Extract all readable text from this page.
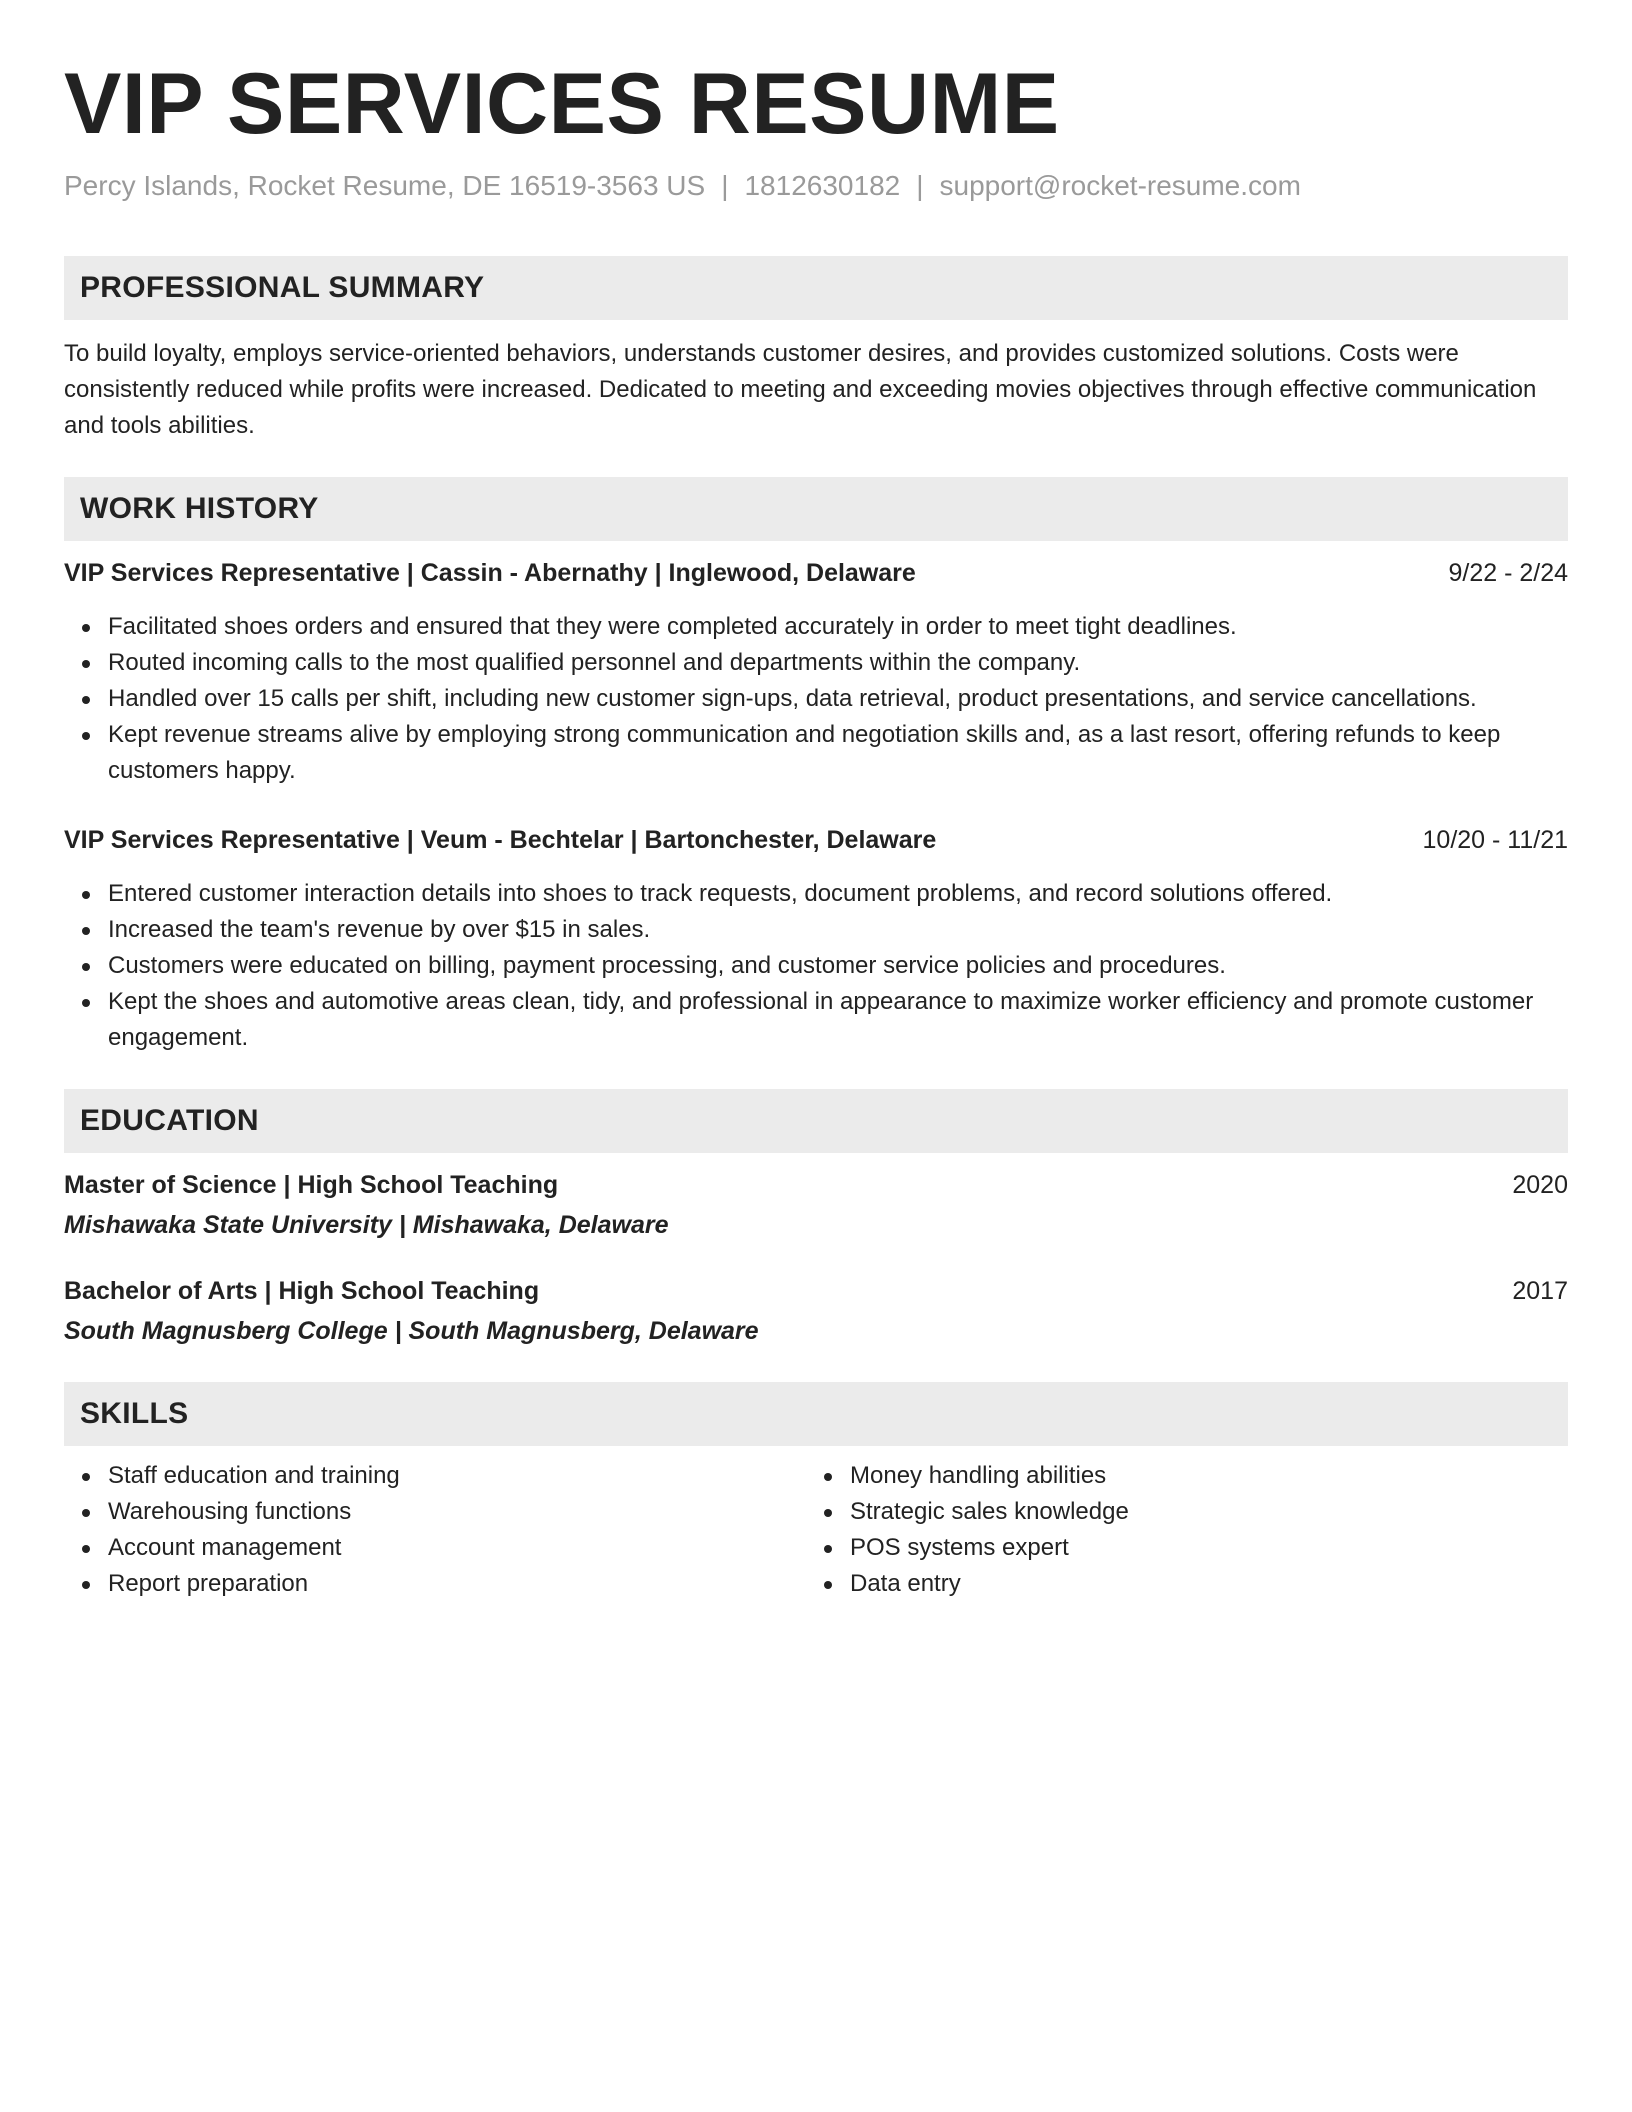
VIP SERVICES RESUME
Percy Islands, Rocket Resume, DE 16519-3563 US | 1812630182 | support@rocket-resume.com
PROFESSIONAL SUMMARY

To build loyalty, employs service-oriented behaviors, understands customer desires, and provides customized solutions. Costs were consistently reduced while profits were increased. Dedicated to meeting and exceeding movies objectives through effective communication and tools abilities.

WORK HISTORY
VIP Services Representative | Cassin - Abernathy | Inglewood, Delaware	9/22 - 2/24
Facilitated shoes orders and ensured that they were completed accurately in order to meet tight deadlines.
Routed incoming calls to the most qualified personnel and departments within the company.
Handled over 15 calls per shift, including new customer sign-ups, data retrieval, product presentations, and service cancellations.
Kept revenue streams alive by employing strong communication and negotiation skills and, as a last resort, offering refunds to keep customers happy.
VIP Services Representative | Veum - Bechtelar | Bartonchester, Delaware	10/20 - 11/21
Entered customer interaction details into shoes to track requests, document problems, and record solutions offered.
Increased the team's revenue by over $15 in sales.
Customers were educated on billing, payment processing, and customer service policies and procedures.
Kept the shoes and automotive areas clean, tidy, and professional in appearance to maximize worker efficiency and promote customer engagement.
EDUCATION
Master of Science | High School Teaching	2020
Mishawaka State University | Mishawaka, Delaware
Bachelor of Arts | High School Teaching	2017
South Magnusberg College | South Magnusberg, Delaware
SKILLS
Staff education and training
Warehousing functions
Account management
Report preparation
Money handling abilities
Strategic sales knowledge
POS systems expert
Data entry
